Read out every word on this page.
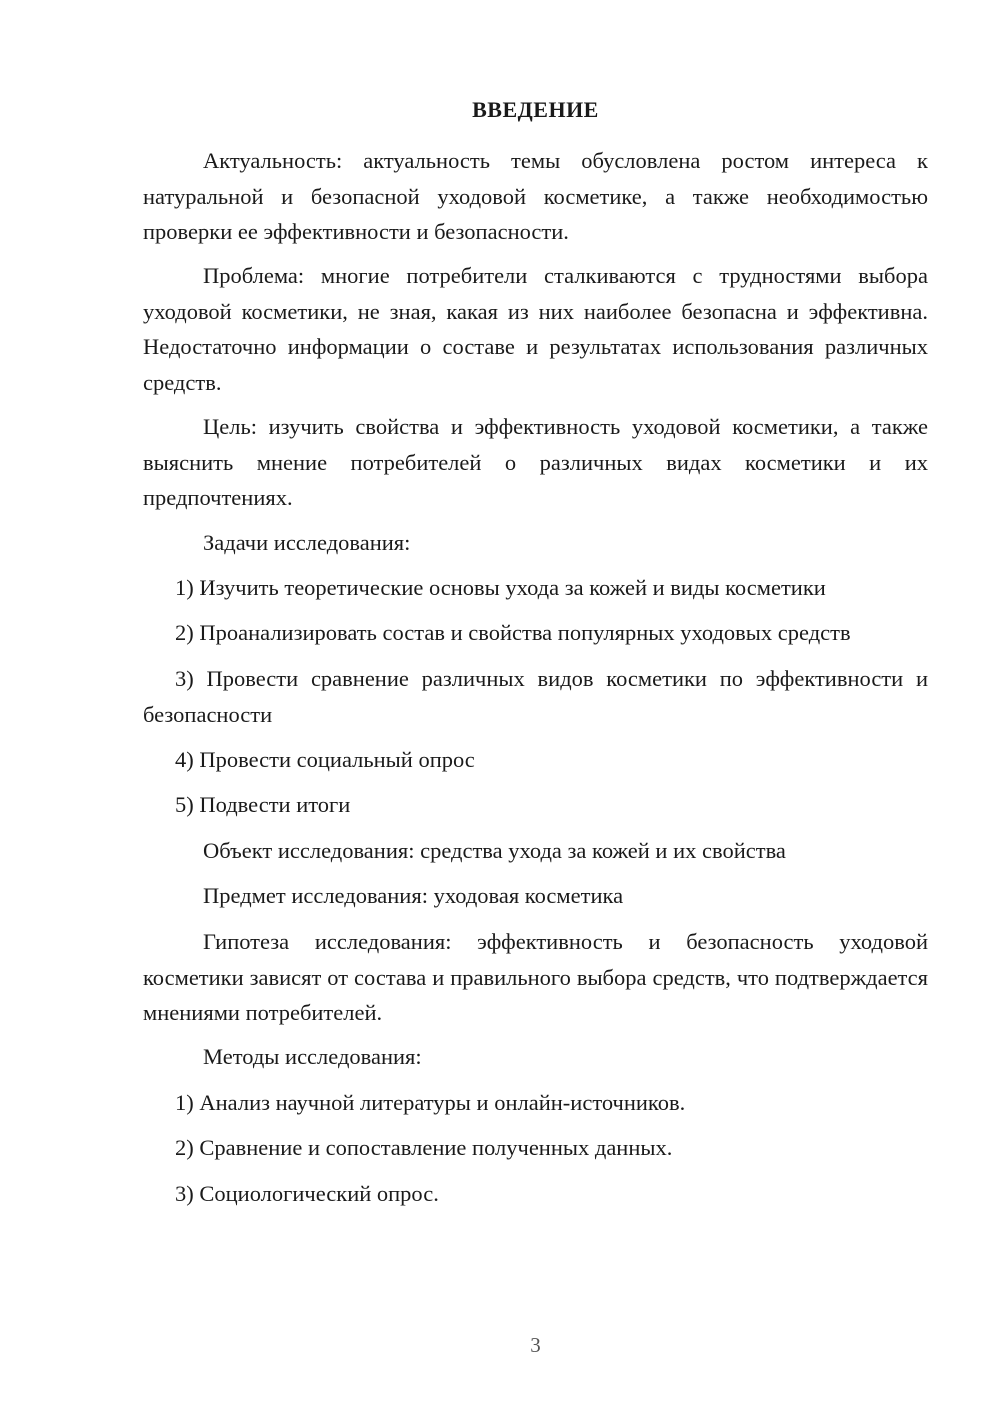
ВВЕДЕНИЕ
Актуальность: актуальность темы обусловлена ростом интереса к натуральной и безопасной уходовой косметике, а также необходимостью проверки ее эффективности и безопасности.
Проблема: многие потребители сталкиваются с трудностями выбора уходовой косметики, не зная, какая из них наиболее безопасна и эффективна. Недостаточно информации о составе и результатах использования различных средств.
Цель: изучить свойства и эффективность уходовой косметики, а также выяснить мнение потребителей о различных видах косметики и их предпочтениях.
Задачи исследования:
1) Изучить теоретические основы ухода за кожей и виды косметики
2) Проанализировать состав и свойства популярных уходовых средств
3) Провести сравнение различных видов косметики по эффективности и безопасности
4) Провести социальный опрос
5) Подвести итоги
Объект исследования: средства ухода за кожей и их свойства
Предмет исследования: уходовая косметика
Гипотеза исследования: эффективность и безопасность уходовой косметики зависят от состава и правильного выбора средств, что подтверждается мнениями потребителей.
Методы исследования:
1) Анализ научной литературы и онлайн-источников.
2) Сравнение и сопоставление полученных данных.
3) Социологический опрос.
3
